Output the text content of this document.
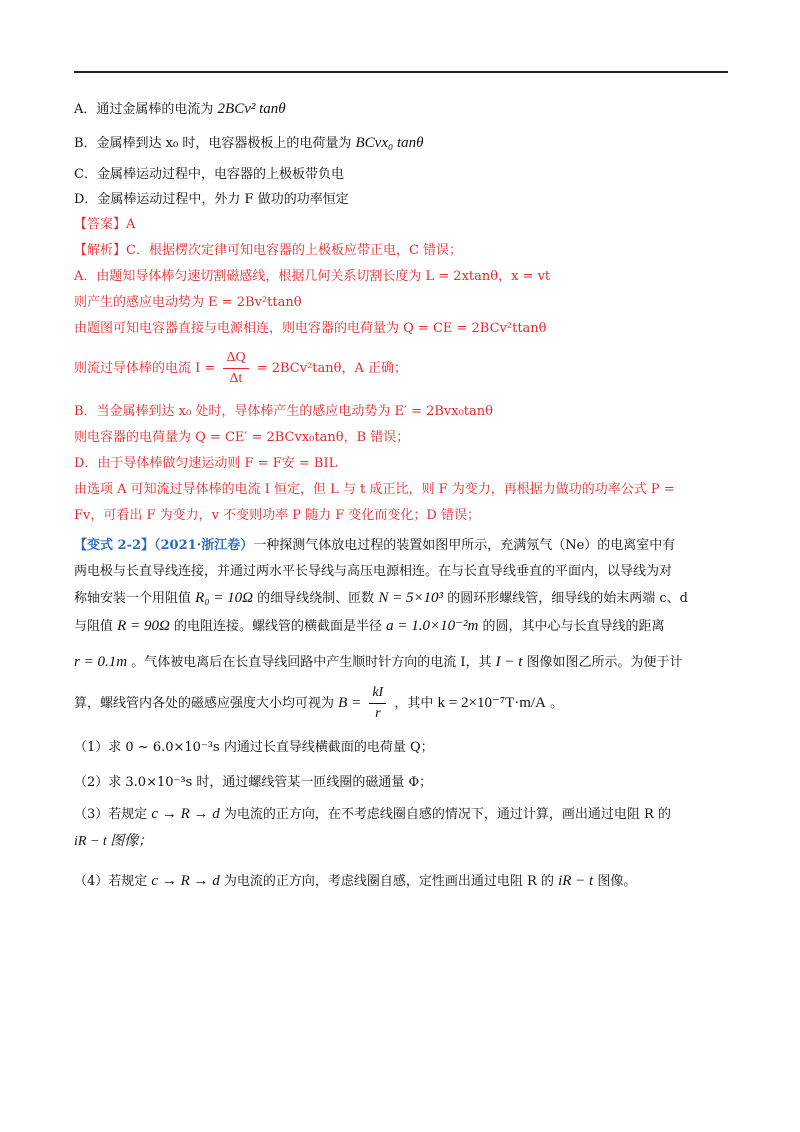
A．通过金属棒的电流为 2BCv² tanθ
B．金属棒到达 x₀ 时，电容器极板上的电荷量为 BCvx₀ tanθ
C．金属棒运动过程中，电容器的上极板带负电
D．金属棒运动过程中，外力 F 做功的功率恒定
【答案】A
【解析】C．根据楞次定律可知电容器的上极板应带正电，C 错误；
A．由题知导体棒匀速切割磁感线，根据几何关系切割长度为 L = 2xtanθ，x = vt
则产生的感应电动势为 E = 2Bv²ttanθ
由题图可知电容器直接与电源相连，则电容器的电荷量为 Q = CE = 2BCv²ttanθ
则流过导体棒的电流 $I = \frac{\Delta Q}{\Delta t} = 2BCv^2\tan\theta$，A 正确；
B．当金属棒到达 x₀ 处时，导体棒产生的感应电动势为 E′ = 2Bvx₀tanθ
则电容器的电荷量为 Q = CE′ = 2BCvx₀tanθ，B 错误；
D．由于导体棒做匀速运动则 F = F安 = BIL
由选项 A 可知流过导体棒的电流 I 恒定，但 L 与 t 成正比，则 F 为变力，再根据力做功的功率公式 P =
Fv，可看出 F 为变力，v 不变则功率 P 随力 F 变化而变化；D 错误；
【变式 2-2】（2021·浙江卷）一种探测气体放电过程的装置如图甲所示，充满氖气（Ne）的电离室中有
两电极与长直导线连接，并通过两水平长导线与高压电源相连。在与长直导线垂直的平面内，以导线为对
称轴安装一个用阻值 R₀ = 10Ω 的细导线绕制、匝数 N = 5×10³ 的圆环形螺线管，细导线的始末两端 c、d
与阻值 R = 90Ω 的电阻连接。螺线管的横截面是半径 a = 1.0×10⁻²m 的圆，其中心与长直导线的距离
r = 0.1m 。气体被电离后在长直导线回路中产生顺时针方向的电流 I，其 I − t 图像如图乙所示。为便于计
算，螺线管内各处的磁感应强度大小均可视为 $B = \frac{kI}{r}$ ，其中 k = 2×10⁻⁷T·m/A 。
（1）求 0 ~ 6.0×10⁻³s 内通过长直导线横截面的电荷量 Q；
（2）求 3.0×10⁻³s 时，通过螺线管某一匝线圈的磁通量 Φ；
（3）若规定 c → R → d 为电流的正方向，在不考虑线圈自感的情况下，通过计算，画出通过电阻 R 的
iR − t 图像；
（4）若规定 c → R → d 为电流的正方向，考虑线圈自感，定性画出通过电阻 R 的 iR − t 图像。
